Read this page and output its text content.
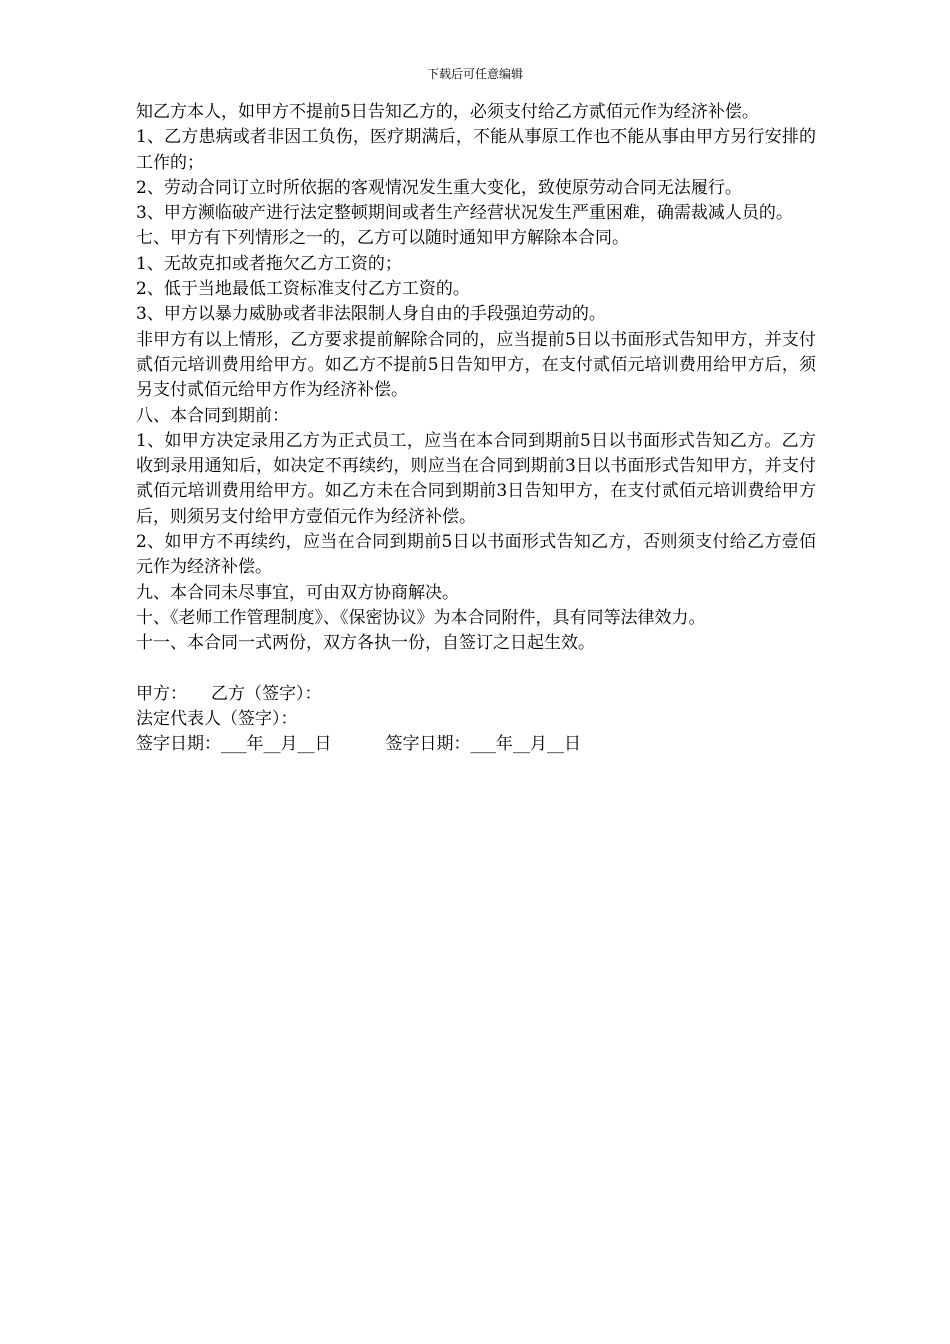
下载后可任意编辑

知乙方本人，如甲方不提前5日告知乙方的，必须支付给乙方贰佰元作为经济补偿。

1、乙方患病或者非因工负伤，医疗期满后，不能从事原工作也不能从事由甲方另行安排的工作的；

2、劳动合同订立时所依据的客观情况发生重大变化，致使原劳动合同无法履行。

3、甲方濒临破产进行法定整顿期间或者生产经营状况发生严重困难，确需裁减人员的。

七、甲方有下列情形之一的，乙方可以随时通知甲方解除本合同。

1、无故克扣或者拖欠乙方工资的；

2、低于当地最低工资标准支付乙方工资的。

3、甲方以暴力威胁或者非法限制人身自由的手段强迫劳动的。

非甲方有以上情形，乙方要求提前解除合同的，应当提前5日以书面形式告知甲方，并支付贰佰元培训费用给甲方。如乙方不提前5日告知甲方，在支付贰佰元培训费用给甲方后，须另支付贰佰元给甲方作为经济补偿。

八、本合同到期前：

1、如甲方决定录用乙方为正式员工，应当在本合同到期前5日以书面形式告知乙方。乙方收到录用通知后，如决定不再续约，则应当在合同到期前3日以书面形式告知甲方，并支付贰佰元培训费用给甲方。如乙方未在合同到期前3日告知甲方，在支付贰佰元培训费给甲方后，则须另支付给甲方壹佰元作为经济补偿。

2、如甲方不再续约，应当在合同到期前5日以书面形式告知乙方，否则须支付给乙方壹佰元作为经济补偿。

九、本合同未尽事宜，可由双方协商解决。

十、《老师工作管理制度》、《保密协议》为本合同附件，具有同等法律效力。

十一、本合同一式两份，双方各执一份，自签订之日起生效。

甲方： 乙方（签字）：

法定代表人（签字）：

签字日期：___年__月__日	签字日期：___年__月__日
